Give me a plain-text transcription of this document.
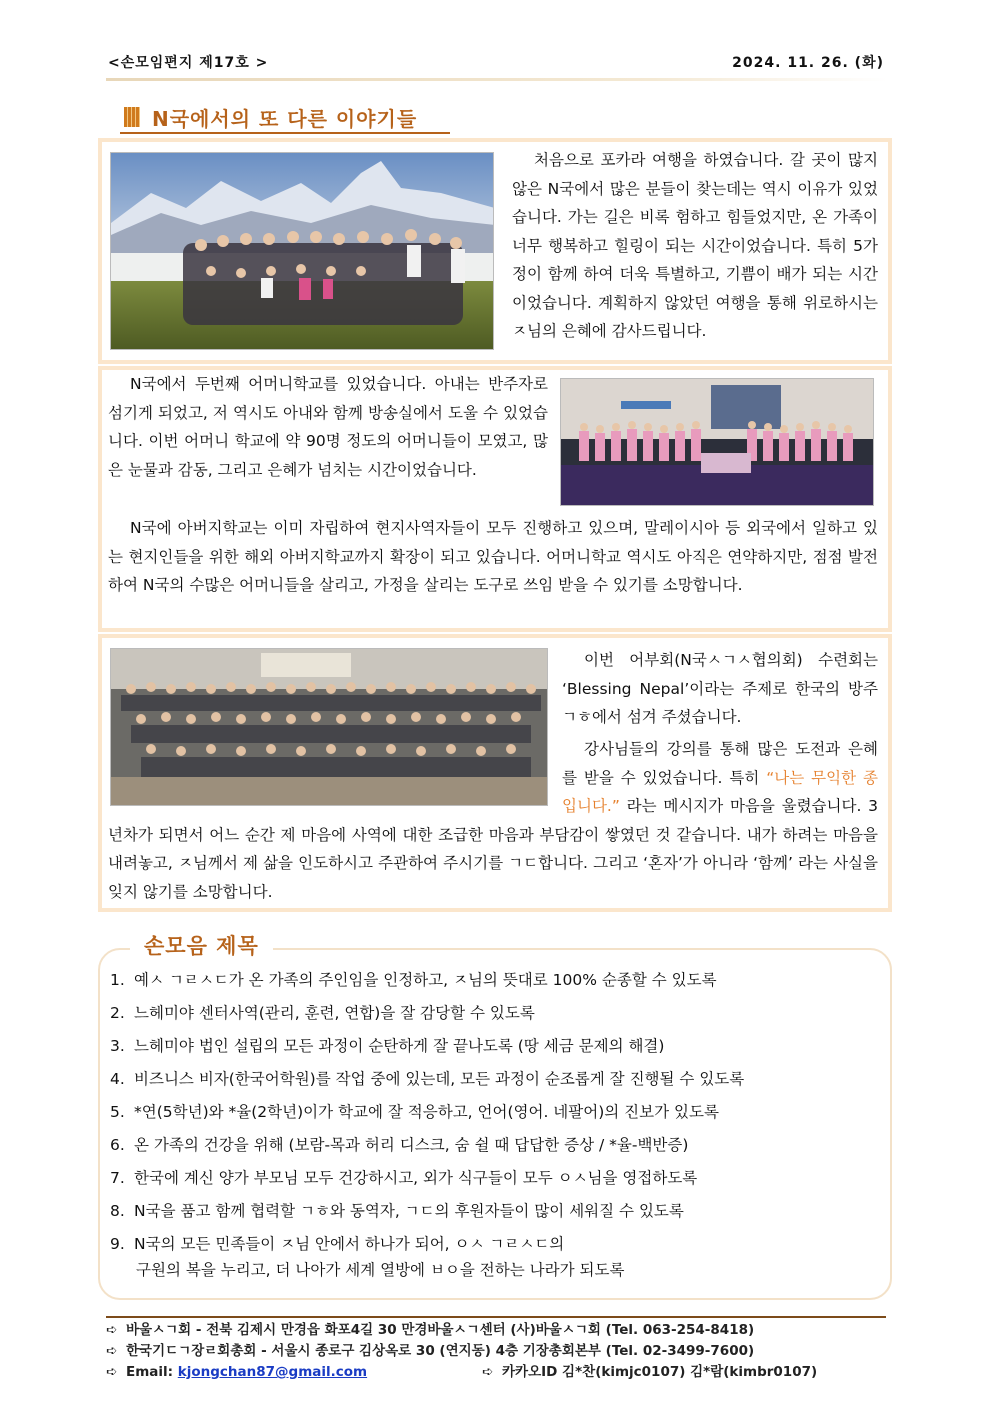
<손모임편지 제17호 >	2024. 11. 26. (화)
N국에서의 또 다른 이야기들
처음으로 포카라 여행을 하였습니다. 갈 곳이 많지 않은 N국에서 많은 분들이 찾는데는 역시 이유가 있었습니다. 가는 길은 비록 험하고 힘들었지만, 온 가족이 너무 행복하고 힐링이 되는 시간이었습니다. 특히 5가정이 함께 하여 더욱 특별하고, 기쁨이 배가 되는 시간이었습니다. 계획하지 않았던 여행을 통해 위로하시는 ㅈ님의 은혜에 감사드립니다.
N국에서 두번째 어머니학교를 있었습니다. 아내는 반주자로 섬기게 되었고, 저 역시도 아내와 함께 방송실에서 도울 수 있었습니다. 이번 어머니 학교에 약 90명 정도의 어머니들이 모였고, 많은 눈물과 감동, 그리고 은혜가 넘치는 시간이었습니다.
N국에 아버지학교는 이미 자립하여 현지사역자들이 모두 진행하고 있으며, 말레이시아 등 외국에서 일하고 있는 현지인들을 위한 해외 아버지학교까지 확장이 되고 있습니다. 어머니학교 역시도 아직은 연약하지만, 점점 발전하여 N국의 수많은 어머니들을 살리고, 가정을 살리는 도구로 쓰임 받을 수 있기를 소망합니다.
이번 어부회(N국ㅅㄱㅅ협의회) 수련회는 ‘Blessing Nepal’이라는 주제로 한국의 방주ㄱㅎ에서 섬겨 주셨습니다.
강사님들의 강의를 통해 많은 도전과 은혜를 받을 수 있었습니다. 특히 “나는 무익한 종입니다.” 라는 메시지가 마음을 울렸습니다. 3년차가 되면서 어느 순간 제 마음에 사역에 대한 조급한 마음과 부담감이 쌓였던 것 같습니다. 내가 하려는 마음을 내려놓고, ㅈ님께서 제 삶을 인도하시고 주관하여 주시기를 ㄱㄷ합니다. 그리고 ‘혼자’가 아니라 ‘함께’ 라는 사실을 잊지 않기를 소망합니다.
손모음 제목
1. 예ㅅ ㄱㄹㅅㄷ가 온 가족의 주인임을 인정하고, ㅈ님의 뜻대로 100% 순종할 수 있도록
2. 느헤미야 센터사역(관리, 훈련, 연합)을 잘 감당할 수 있도록
3. 느헤미야 법인 설립의 모든 과정이 순탄하게 잘 끝나도록 (땅 세금 문제의 해결)
4. 비즈니스 비자(한국어학원)를 작업 중에 있는데, 모든 과정이 순조롭게 잘 진행될 수 있도록
5. *연(5학년)와 *율(2학년)이가 학교에 잘 적응하고, 언어(영어. 네팔어)의 진보가 있도록
6. 온 가족의 건강을 위해 (보람-목과 허리 디스크, 숨 쉴 때 답답한 증상 / *율-백반증)
7. 한국에 계신 양가 부모님 모두 건강하시고, 외가 식구들이 모두 ㅇㅅ님을 영접하도록
8. N국을 품고 함께 협력할 ㄱㅎ와 동역자, ㄱㄷ의 후원자들이 많이 세워질 수 있도록
9. N국의 모든 민족들이 ㅈ님 안에서 하나가 되어, ㅇㅅ ㄱㄹㅅㄷ의
구원의 복을 누리고, 더 나아가 세계 열방에 ㅂㅇ을 전하는 나라가 되도록
➪ 바울ㅅㄱ회 - 전북 김제시 만경읍 화포4길 30 만경바울ㅅㄱ센터 (사)바울ㅅㄱ회 (Tel. 063-254-8418)
➪ 한국기ㄷㄱ장ㄹ회총회 - 서울시 종로구 김상옥로 30 (연지동) 4층 기장총회본부 (Tel. 02-3499-7600)
➪ Email: kjongchan87@gmail.com	➪ 카카오ID 김*찬(kimjc0107) 김*람(kimbr0107)
